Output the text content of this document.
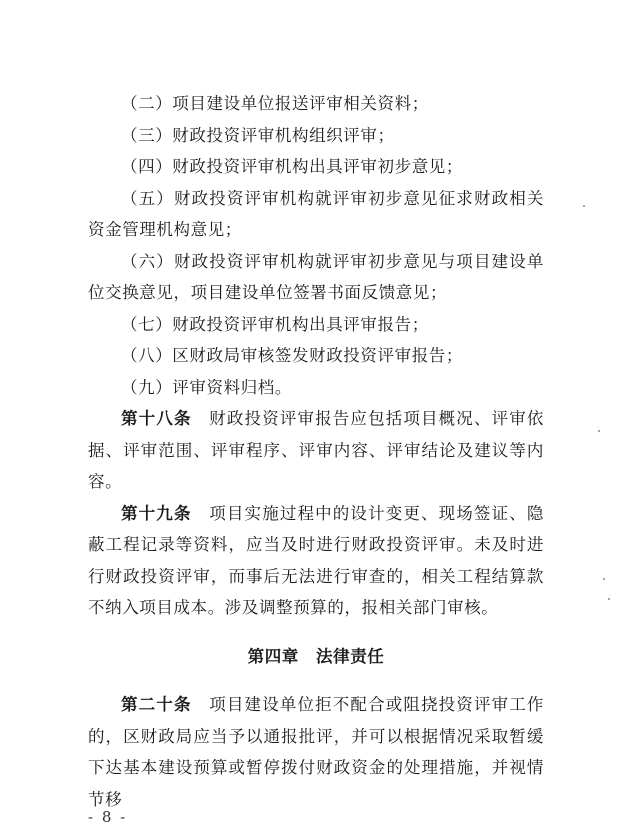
（二）项目建设单位报送评审相关资料；

（三）财政投资评审机构组织评审；

（四）财政投资评审机构出具评审初步意见；

（五）财政投资评审机构就评审初步意见征求财政相关资金管理机构意见；

（六）财政投资评审机构就评审初步意见与项目建设单位交换意见，项目建设单位签署书面反馈意见；

（七）财政投资评审机构出具评审报告；

（八）区财政局审核签发财政投资评审报告；

（九）评审资料归档。

第十八条　 财政投资评审报告应包括项目概况、评审依据、评审范围、评审程序、评审内容、评审结论及建议等内容。

第十九条　 项目实施过程中的设计变更、现场签证、隐蔽工程记录等资料，应当及时进行财政投资评审。未及时进行财政投资评审，而事后无法进行审查的，相关工程结算款不纳入项目成本。涉及调整预算的，报相关部门审核。

第四章　法律责任

第二十条　 项目建设单位拒不配合或阻挠投资评审工作的，区财政局应当予以通报批评，并可以根据情况采取暂缓下达基本建设预算或暂停拨付财政资金的处理措施，并视情节移

- 8 -
